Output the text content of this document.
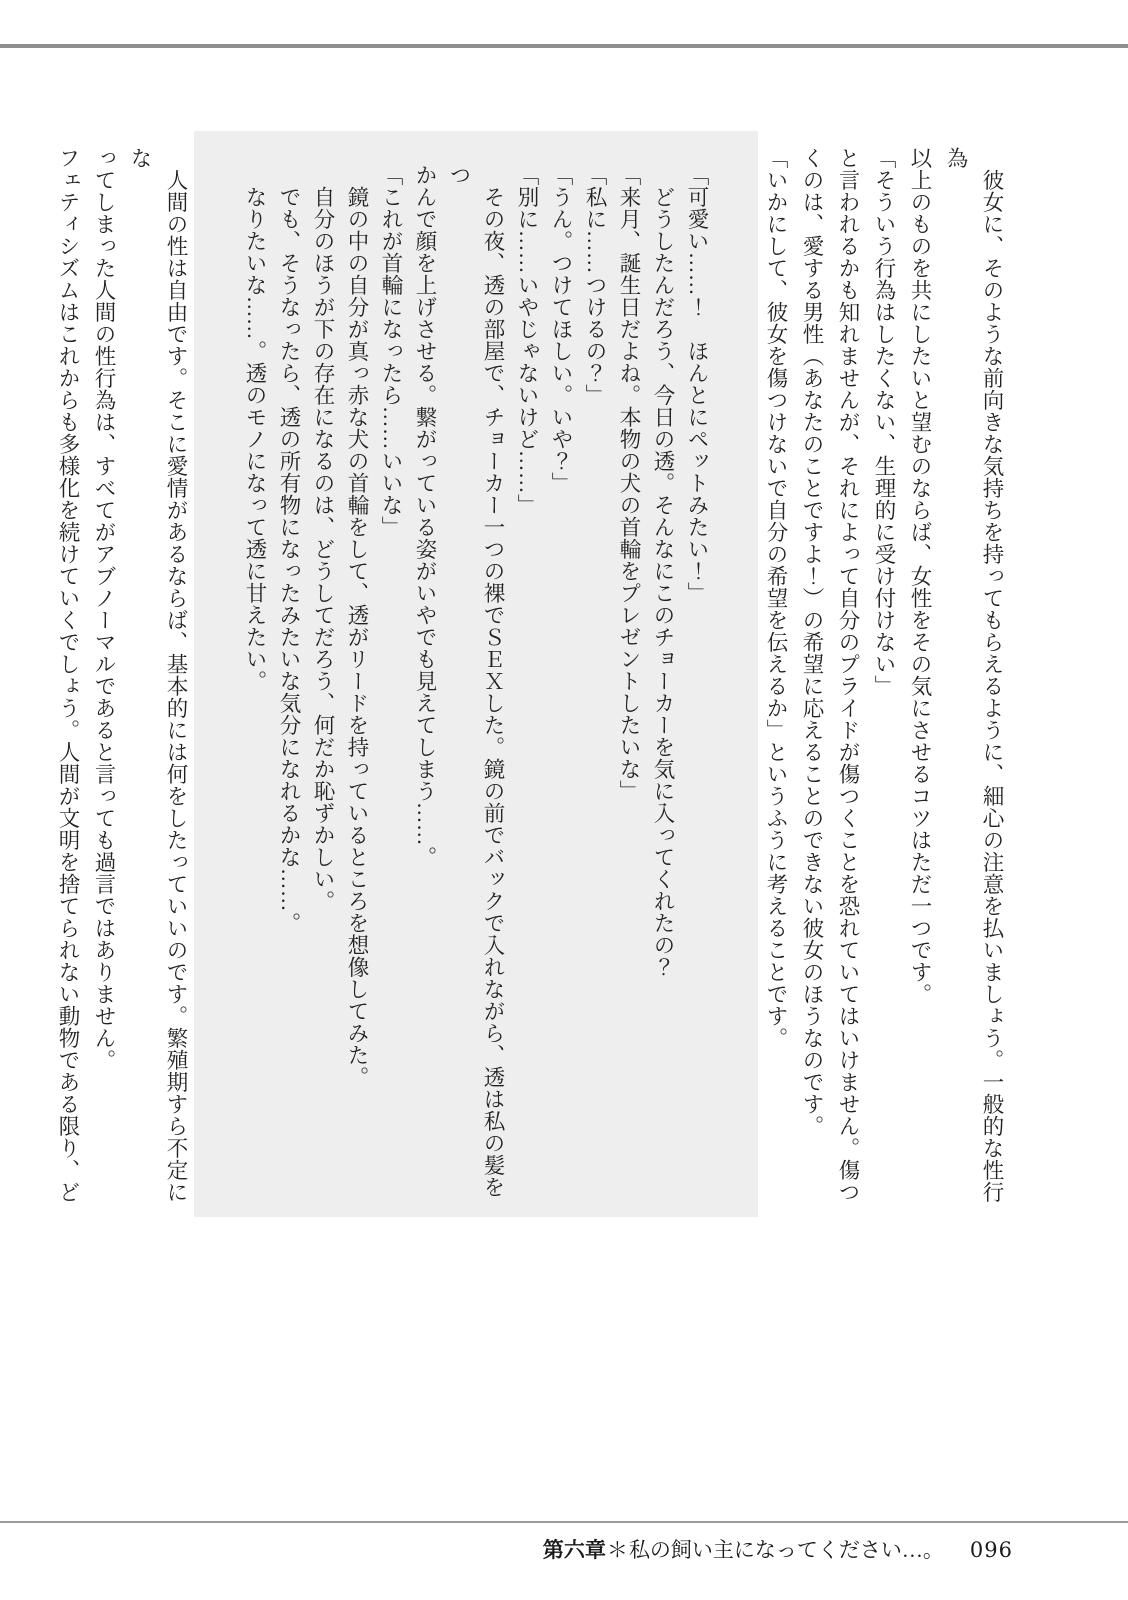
　彼女に、そのような前向きな気持ちを持ってもらえるように、細心の注意を払いましょう。一般的な性行為

以上のものを共にしたいと望むのならば、女性をその気にさせるコツはただ一つです。

「そういう行為はしたくない、生理的に受け付けない」

と言われるかも知れませんが、それによって自分のプライドが傷つくことを恐れていてはいけません。傷つ

くのは、愛する男性（あなたのことですよ！）の希望に応えることのできない彼女のほうなのです。

「いかにして、彼女を傷つけないで自分の希望を伝えるか」というふうに考えることです。

「可愛い……！　ほんとにペットみたい！」

　どうしたんだろう、今日の透。そんなにこのチョーカーを気に入ってくれたの？

「来月、誕生日だよね。本物の犬の首輪をプレゼントしたいな」

「私に……つけるの？」

「うん。つけてほしい。いや？」

「別に……いやじゃないけど……」

　その夜、透の部屋で、チョーカー一つの裸でＳＥＸした。鏡の前でバックで入れながら、透は私の髪をつ

かんで顔を上げさせる。繋がっている姿がいやでも見えてしまう……。

「これが首輪になったら……いいな」

　鏡の中の自分が真っ赤な犬の首輪をして、透がリードを持っているところを想像してみた。

　自分のほうが下の存在になるのは、どうしてだろう、何だか恥ずかしい。

　でも、そうなったら、透の所有物になったみたいな気分になれるかな……。

　なりたいな……。透のモノになって透に甘えたい。

　人間の性は自由です。そこに愛情があるならば、基本的には何をしたっていいのです。繁殖期すら不定にな

ってしまった人間の性行為は、すべてがアブノーマルであると言っても過言ではありません。

フェティシズムはこれからも多様化を続けていくでしょう。人間が文明を捨てられない動物である限り、ど

第六章＊私の飼い主になってください…。 096
